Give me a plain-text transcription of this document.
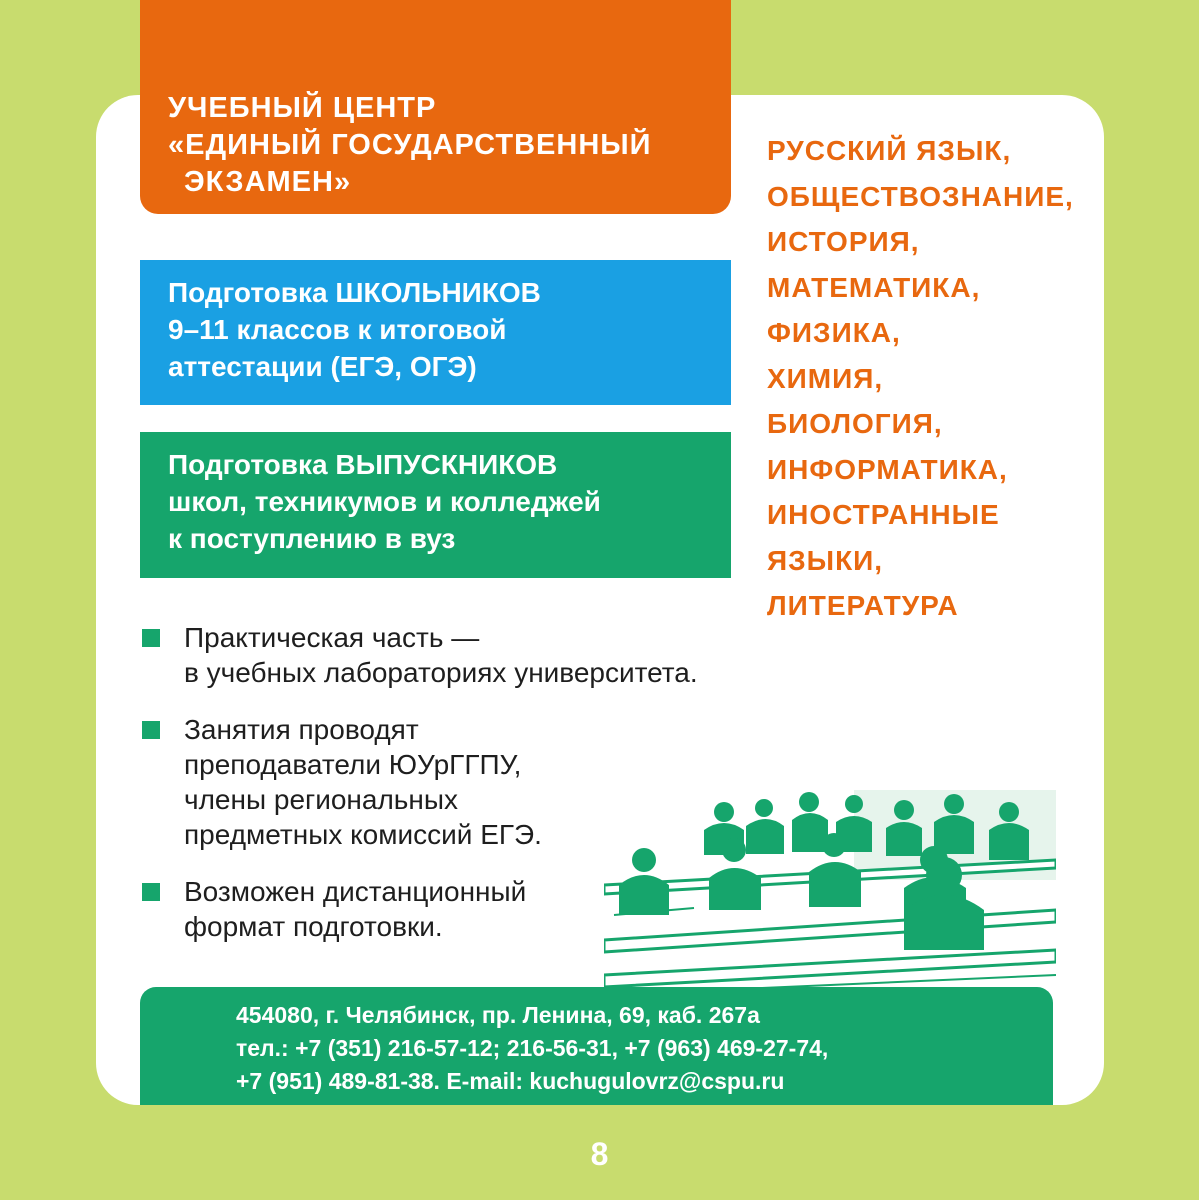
УЧЕБНЫЙ ЦЕНТР
«ЕДИНЫЙ ГОСУДАРСТВЕННЫЙ
ЭКЗАМЕН»
Подготовка ШКОЛЬНИКОВ
9–11 классов к итоговой
аттестации (ЕГЭ, ОГЭ)
Подготовка ВЫПУСКНИКОВ
школ, техникумов и колледжей
к поступлению в вуз
РУССКИЙ ЯЗЫК,
ОБЩЕСТВОЗНАНИЕ,
ИСТОРИЯ,
МАТЕМАТИКА,
ФИЗИКА,
ХИМИЯ,
БИОЛОГИЯ,
ИНФОРМАТИКА,
ИНОСТРАННЫЕ
ЯЗЫКИ,
ЛИТЕРАТУРА
Практическая часть —
в учебных лабораториях университета.
Занятия проводят
преподаватели ЮУрГГПУ,
члены региональных
предметных комиссий ЕГЭ.
Возможен дистанционный
формат подготовки.
454080, г. Челябинск, пр. Ленина, 69, каб. 267а
тел.: +7 (351) 216-57-12; 216-56-31, +7 (963) 469-27-74,
+7 (951) 489-81-38. E-mail: kuchugulovrz@cspu.ru
8
